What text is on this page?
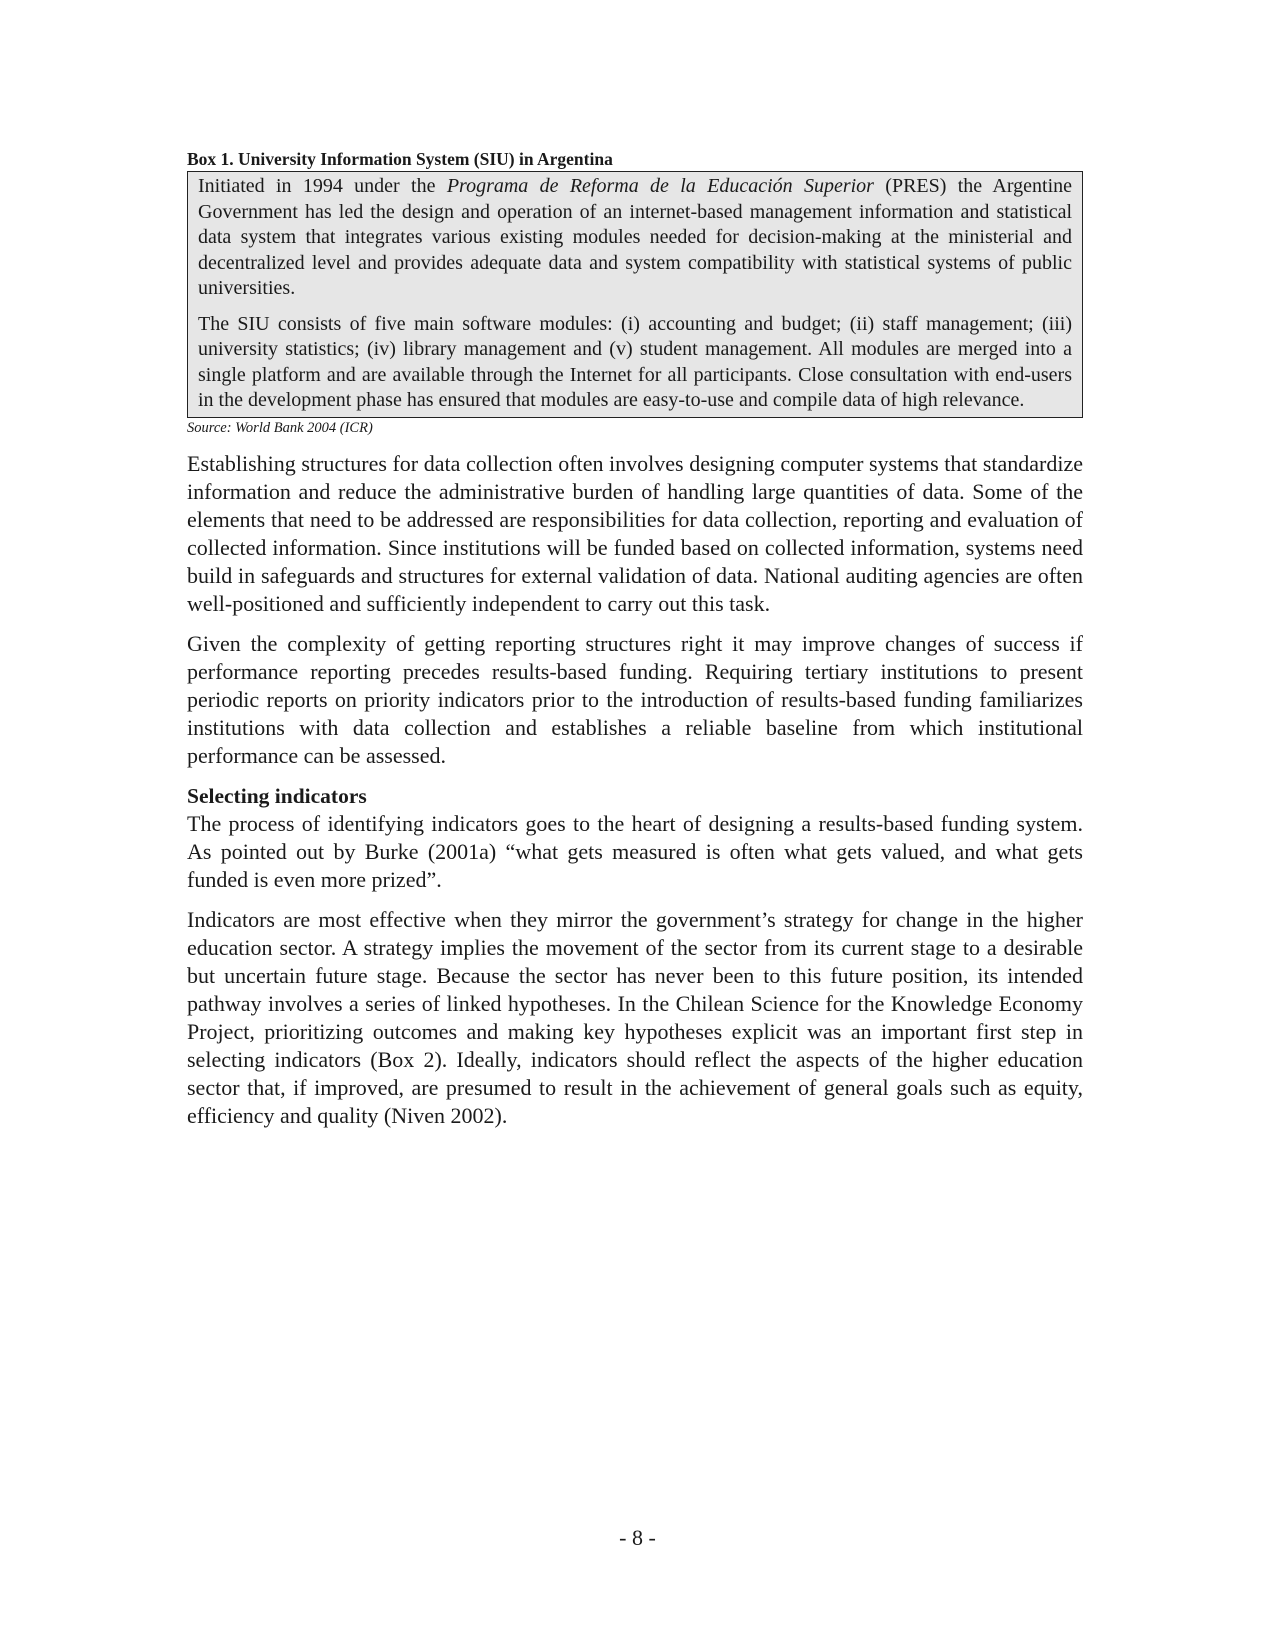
Box 1. University Information System (SIU) in Argentina

Initiated in 1994 under the Programa de Reforma de la Educación Superior (PRES) the Argentine Government has led the design and operation of an internet-based management information and statistical data system that integrates various existing modules needed for decision-making at the ministerial and decentralized level and provides adequate data and system compatibility with statistical systems of public universities.

The SIU consists of five main software modules: (i) accounting and budget; (ii) staff management; (iii) university statistics; (iv) library management and (v) student management. All modules are merged into a single platform and are available through the Internet for all participants. Close consultation with end-users in the development phase has ensured that modules are easy-to-use and compile data of high relevance.

Source: World Bank 2004 (ICR)

Establishing structures for data collection often involves designing computer systems that standardize information and reduce the administrative burden of handling large quantities of data. Some of the elements that need to be addressed are responsibilities for data collection, reporting and evaluation of collected information. Since institutions will be funded based on collected information, systems need build in safeguards and structures for external validation of data. National auditing agencies are often well-positioned and sufficiently independent to carry out this task.

Given the complexity of getting reporting structures right it may improve changes of success if performance reporting precedes results-based funding. Requiring tertiary institutions to present periodic reports on priority indicators prior to the introduction of results-based funding familiarizes institutions with data collection and establishes a reliable baseline from which institutional performance can be assessed.

Selecting indicators

The process of identifying indicators goes to the heart of designing a results-based funding system. As pointed out by Burke (2001a) “what gets measured is often what gets valued, and what gets funded is even more prized”.

Indicators are most effective when they mirror the government’s strategy for change in the higher education sector. A strategy implies the movement of the sector from its current stage to a desirable but uncertain future stage. Because the sector has never been to this future position, its intended pathway involves a series of linked hypotheses. In the Chilean Science for the Knowledge Economy Project, prioritizing outcomes and making key hypotheses explicit was an important first step in selecting indicators (Box 2). Ideally, indicators should reflect the aspects of the higher education sector that, if improved, are presumed to result in the achievement of general goals such as equity, efficiency and quality (Niven 2002).

- 8 -
